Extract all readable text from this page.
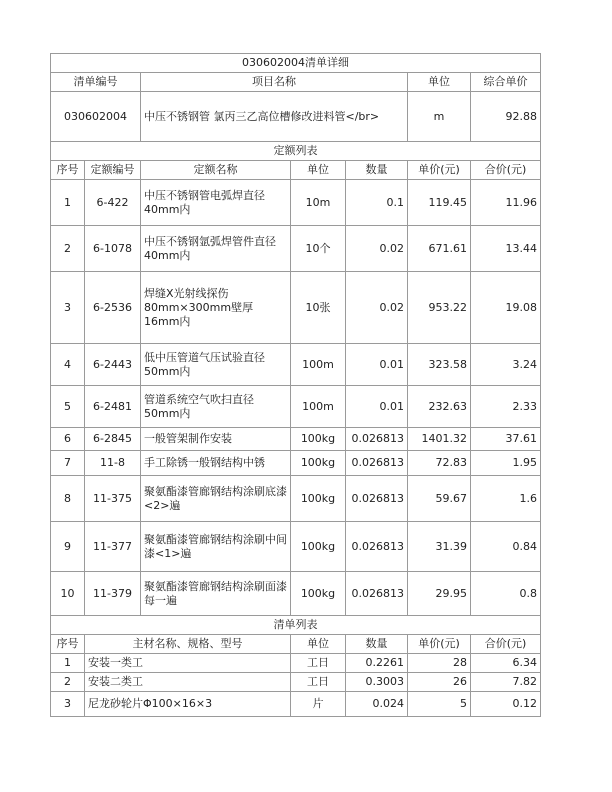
030602004清单详细						
清单编号		项目名称			单位	综合单价
030602004		中压不锈钢管 氯丙三乙高位槽修改进料管</br>			m	92.88
定额列表						
序号	定额编号	定额名称	单位	数量	单价(元)	合价(元)
1	6-422	中压不锈钢管电弧焊直径40mm内	10m	0.1	119.45	11.96
2	6-1078	中压不锈钢氩弧焊管件直径40mm内	10个	0.02	671.61	13.44
3	6-2536	焊缝X光射线探伤80mm×300mm壁厚16mm内	10张	0.02	953.22	19.08
4	6-2443	低中压管道气压试验直径50mm内	100m	0.01	323.58	3.24
5	6-2481	管道系统空气吹扫直径50mm内	100m	0.01	232.63	2.33
6	6-2845	一般管架制作安装	100kg	0.026813	1401.32	37.61
7	11-8	手工除锈一般钢结构中锈	100kg	0.026813	72.83	1.95
8	11-375	聚氨酯漆管廊钢结构涂刷底漆<2>遍	100kg	0.026813	59.67	1.6
9	11-377	聚氨酯漆管廊钢结构涂刷中间漆<1>遍	100kg	0.026813	31.39	0.84
10	11-379	聚氨酯漆管廊钢结构涂刷面漆每一遍	100kg	0.026813	29.95	0.8
清单列表						
序号	主材名称、规格、型号		单位	数量	单价(元)	合价(元)
1	安装一类工		工日	0.2261	28	6.34
2	安装二类工		工日	0.3003	26	7.82
3	尼龙砂轮片Φ100×16×3		片	0.024	5	0.12
